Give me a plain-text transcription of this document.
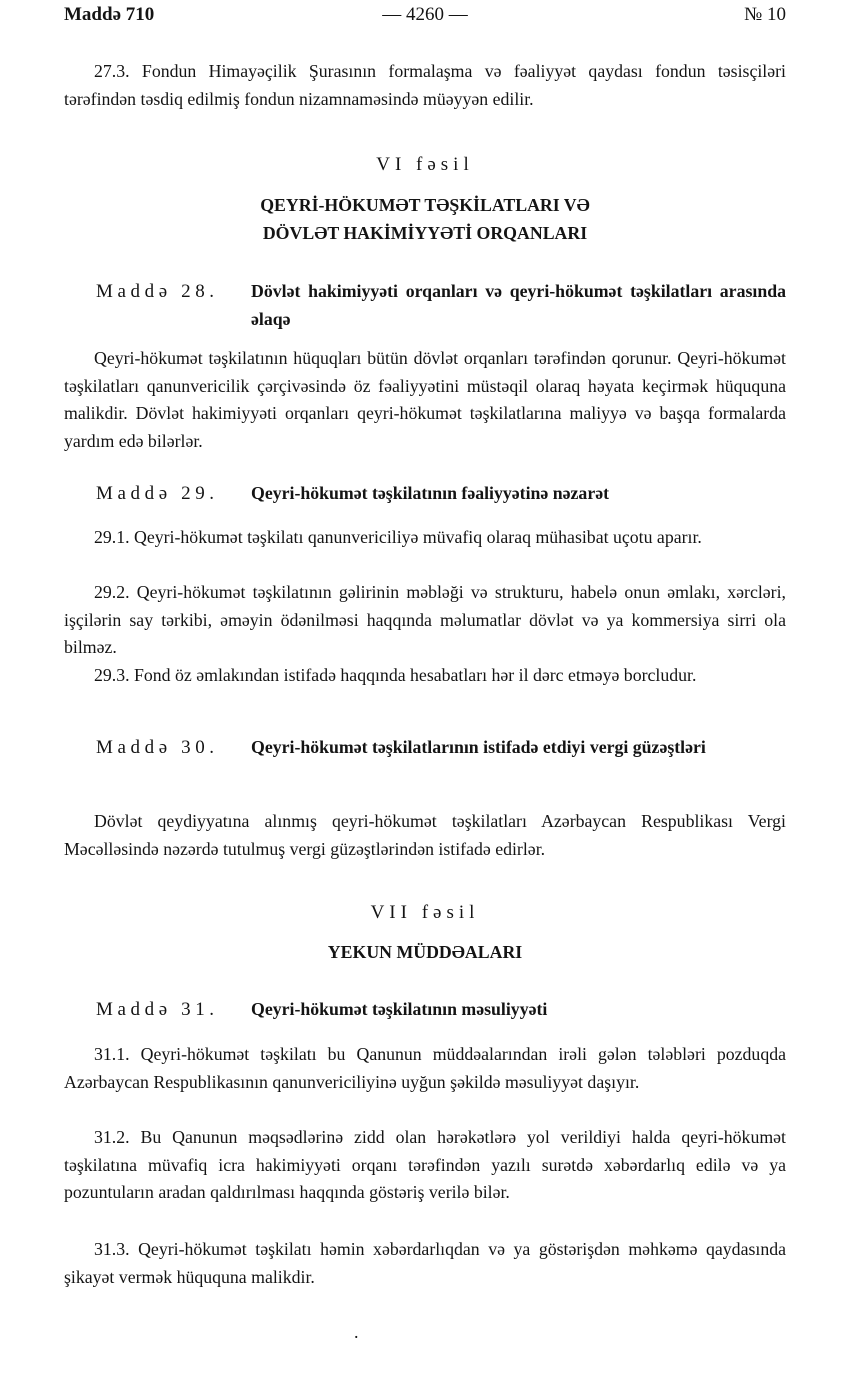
Maddə 710	— 4260 —	№ 10

27.3. Fondun Himayəçilik Şurasının formalaşma və fəaliyyət qaydası fondun təsisçiləri tərəfindən təsdiq edilmiş fondun nizamnaməsində müəyyən edilir.

VI fəsil

QEYRİ-HÖKUMƏT TƏŞKİLATLARI VƏ

DÖVLƏT HAKİMİYYƏTİ ORQANLARI

Maddə 28. Dövlət hakimiyyəti orqanları və qeyri-hökumət təşkilatları arasında əlaqə

Qeyri-hökumət təşkilatının hüquqları bütün dövlət orqanları tərəfindən qorunur. Qeyri-hökumət təşkilatları qanunvericilik çərçivəsində öz fəaliyyətini müstəqil olaraq həyata keçirmək hüququna malikdir. Dövlət hakimiyyəti orqanları qeyri-hökumət təşkilatlarına maliyyə və başqa formalarda yardım edə bilərlər.

Maddə 29. Qeyri-hökumət təşkilatının fəaliyyətinə nəzarət

29.1. Qeyri-hökumət təşkilatı qanunvericiliyə müvafiq olaraq mühasibat uçotu aparır.

29.2. Qeyri-hökumət təşkilatının gəlirinin məbləği və strukturu, habelə onun əmlakı, xərcləri, işçilərin say tərkibi, əməyin ödənilməsi haqqında məlumatlar dövlət və ya kommersiya sirri ola bilməz.

29.3. Fond öz əmlakından istifadə haqqında hesabatları hər il dərc etməyə borcludur.

Maddə 30. Qeyri-hökumət təşkilatlarının istifadə etdiyi vergi güzəştləri

Dövlət qeydiyyatına alınmış qeyri-hökumət təşkilatları Azərbaycan Respublikası Vergi Məcəlləsində nəzərdə tutulmuş vergi güzəştlərindən istifadə edirlər.

VII fəsil

YEKUN MÜDDƏALARI

Maddə 31. Qeyri-hökumət təşkilatının məsuliyyəti

31.1. Qeyri-hökumət təşkilatı bu Qanunun müddəalarından irəli gələn tələbləri pozduqda Azərbaycan Respublikasının qanunvericiliyinə uyğun şəkildə məsuliyyət daşıyır.

31.2. Bu Qanunun məqsədlərinə zidd olan hərəkətlərə yol verildiyi halda qeyri-hökumət təşkilatına müvafiq icra hakimiyyəti orqanı tərəfindən yazılı surətdə xəbərdarlıq edilə və ya pozuntuların aradan qaldırılması haqqında göstəriş verilə bilər.

31.3. Qeyri-hökumət təşkilatı həmin xəbərdarlıqdan və ya göstərişdən məhkəmə qaydasında şikayət vermək hüququna malikdir.

.
